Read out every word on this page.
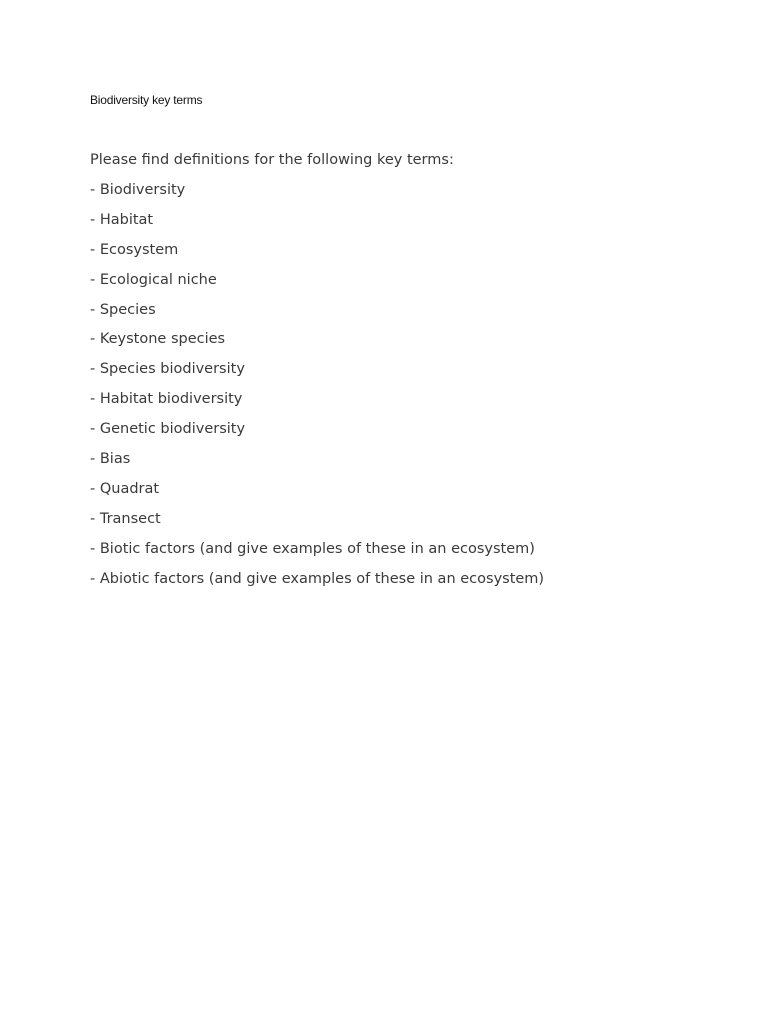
Biodiversity key terms

Please find definitions for the following key terms:

- Biodiversity
- Habitat
- Ecosystem
- Ecological niche
- Species
- Keystone species
- Species biodiversity
- Habitat biodiversity
- Genetic biodiversity
- Bias
- Quadrat
- Transect
- Biotic factors (and give examples of these in an ecosystem)
- Abiotic factors (and give examples of these in an ecosystem)
